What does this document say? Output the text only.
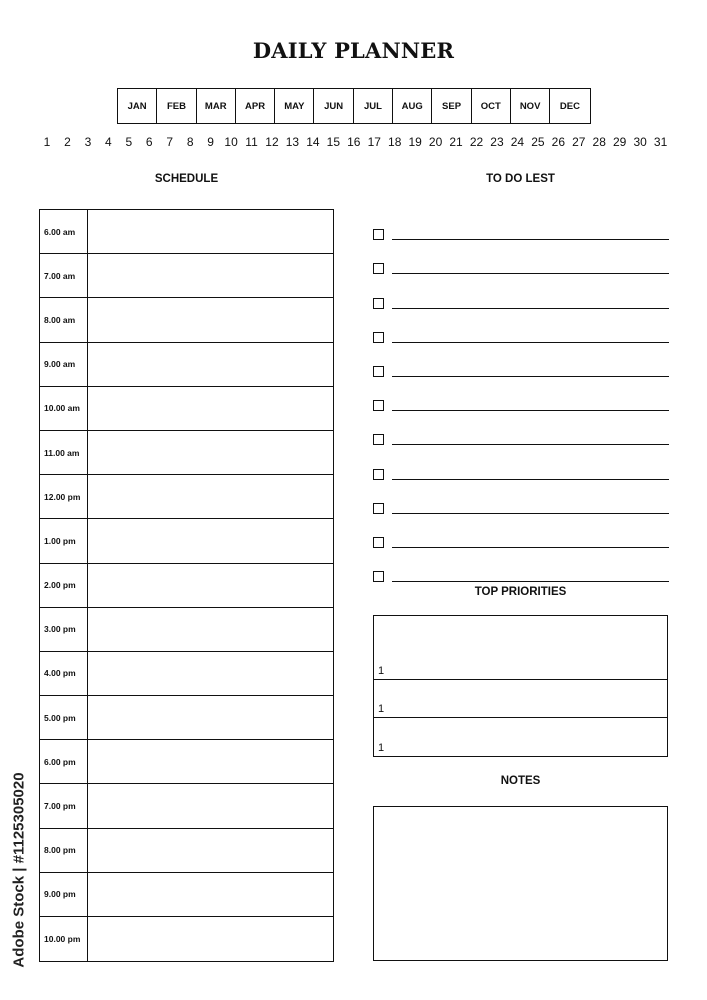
DAILY PLANNER
JAN	FEB	MAR	APR	MAY	JUN	JUL	AUG	SEP	OCT	NOV	DEC
1	2	3	4	5	6	7	8	9 10 11 12 13 14 15 16 17 18 19 20 21 22 23 24 25 26 27 28 29 30 31
SCHEDULE	TO DO LEST
6.00 am
7.00 am
8.00 am
9.00 am
10.00 am
11.00 am
12.00 pm
1.00 pm
2.00 pm
3.00 pm
4.00 pm
5.00 pm
6.00 pm
7.00 pm
8.00 pm
9.00 pm
10.00 pm
TOP PRIORITIES
1
1
1
NOTES
Adobe Stock | #1125305020
